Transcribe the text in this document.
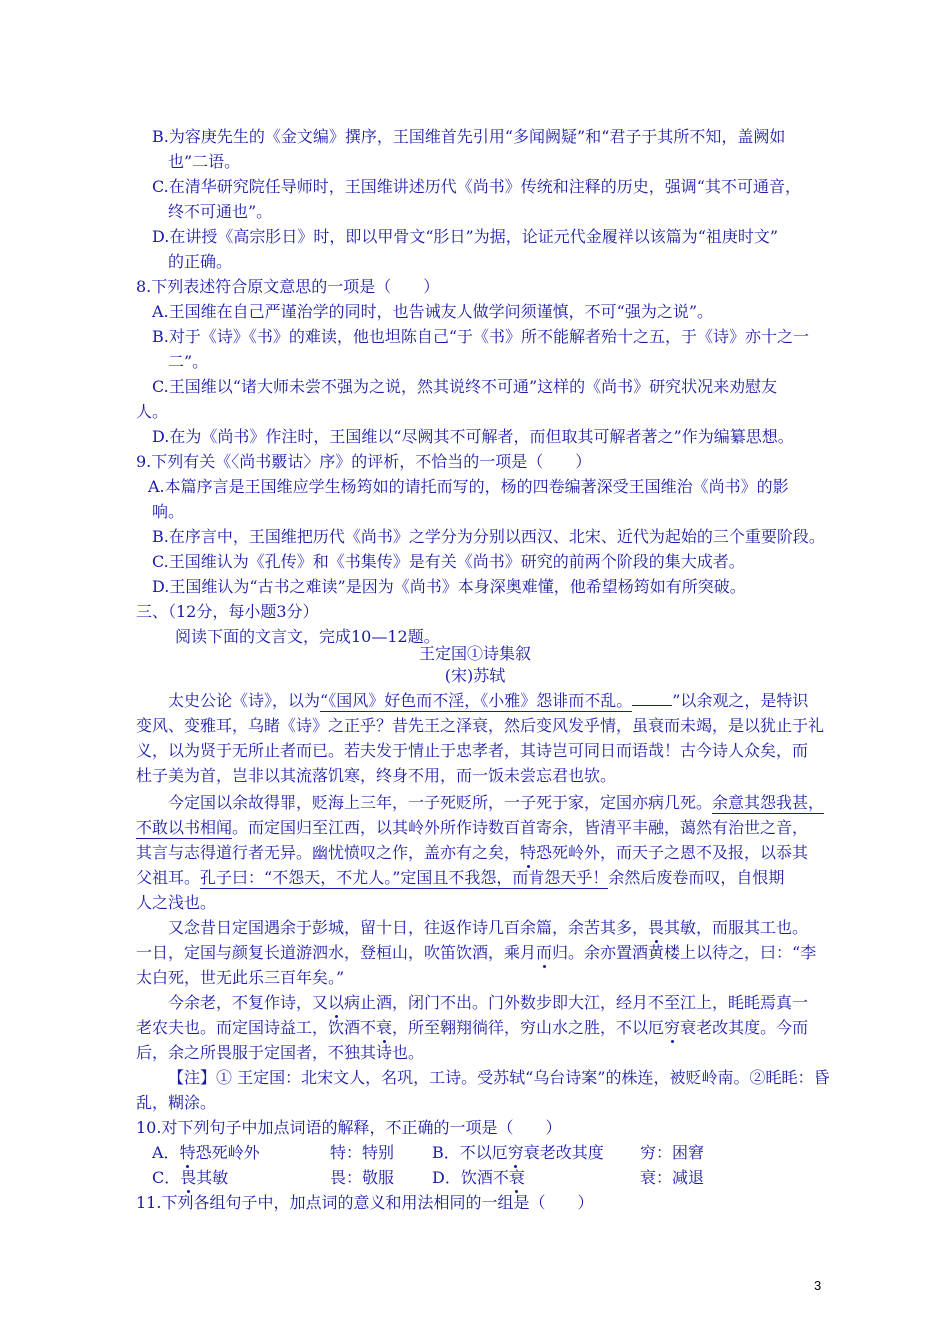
B.为容庚先生的《金文编》撰序，王国维首先引用“多闻阙疑”和“君子于其所不知，盖阙如
也”二语。
C.在清华研究院任导师时，王国维讲述历代《尚书》传统和注释的历史，强调“其不可通音，
终不可通也”。
D.在讲授《高宗肜日》时，即以甲骨文“肜日”为据，论证元代金履祥以该篇为“祖庚时文”
的正确。
8.下列表述符合原文意思的一项是（　　）
A.王国维在自己严谨治学的同时，也告诫友人做学问须谨慎，不可“强为之说”。
B.对于《诗》《书》的难读，他也坦陈自己“于《书》所不能解者殆十之五，于《诗》亦十之一
二”。
C.王国维以“诸大师未尝不强为之说，然其说终不可通”这样的《尚书》研究状况来劝慰友
人。
D.在为《尚书》作注时，王国维以“尽阙其不可解者，而但取其可解者著之”作为编纂思想。
9.下列有关《〈尚书覈诂〉序》的评析，不恰当的一项是（　　）
A.本篇序言是王国维应学生杨筠如的请托而写的，杨的四卷编著深受王国维治《尚书》的影
响。
B.在序言中，王国维把历代《尚书》之学分为分别以西汉、北宋、近代为起始的三个重要阶段。
C.王国维认为《孔传》和《书集传》是有关《尚书》研究的前两个阶段的集大成者。
D.王国维认为“古书之难读”是因为《尚书》本身深奥难懂，他希望杨筠如有所突破。
三、（12分，每小题3分）
阅读下面的文言文，完成10—12题。
王定国①诗集叙
(宋)苏轼
太史公论《诗》，以为“《国风》好色而不淫，《小雅》怨诽而不乱。	”以余观之，是特识
变风、变雅耳，乌睹《诗》之正乎？昔先王之泽衰，然后变风发乎情，虽衰而未竭，是以犹止于礼
义，以为贤于无所止者而已。若夫发于情止于忠孝者，其诗岂可同日而语哉！古今诗人众矣，而
杜子美为首，岂非以其流落饥寒，终身不用，而一饭未尝忘君也欤。
今定国以余故得罪，贬海上三年，一子死贬所，一子死于家，定国亦病几死。余意其怨我甚，
不敢以书相闻。而定国归至江西，以其岭外所作诗数百首寄余，皆清平丰融，蔼然有治世之音，
其言与志得道行者无异。幽忧愤叹之作，盖亦有之矣，特恐死岭外，而天子之恩不及报，以忝其
父祖耳。孔子曰：“不怨天，不尤人。”定国且不我怨，而肯怨天乎！余然后废卷而叹，自恨期
人之浅也。
又念昔日定国遇余于彭城，留十日，往返作诗几百余篇，余苦其多，畏其敏，而服其工也。
一日，定国与颜复长道游泗水，登桓山，吹笛饮酒，乘月而归。余亦置酒黄楼上以待之，曰：“李
太白死，世无此乐三百年矣。”
今余老，不复作诗，又以病止酒，闭门不出。门外数步即大江，经月不至江上，眊眊焉真一
老农夫也。而定国诗益工，饮酒不衰，所至翱翔徜徉，穷山水之胜，不以厄穷衰老改其度。今而
后，余之所畏服于定国者，不独其诗也。
【注】① 王定国：北宋文人，名巩，工诗。受苏轼“乌台诗案”的株连，被贬岭南。②眊眊：昏
乱，糊涂。
10.对下列句子中加点词语的解释，不正确的一项是（　　）
A．特恐死岭外	特：特别 B．不以厄穷衰老改其度 穷：困窘
C．畏其敏	畏：敬服 D．饮酒不衰	衰：减退
11.下列各组句子中，加点词的意义和用法相同的一组是（　　）
3
